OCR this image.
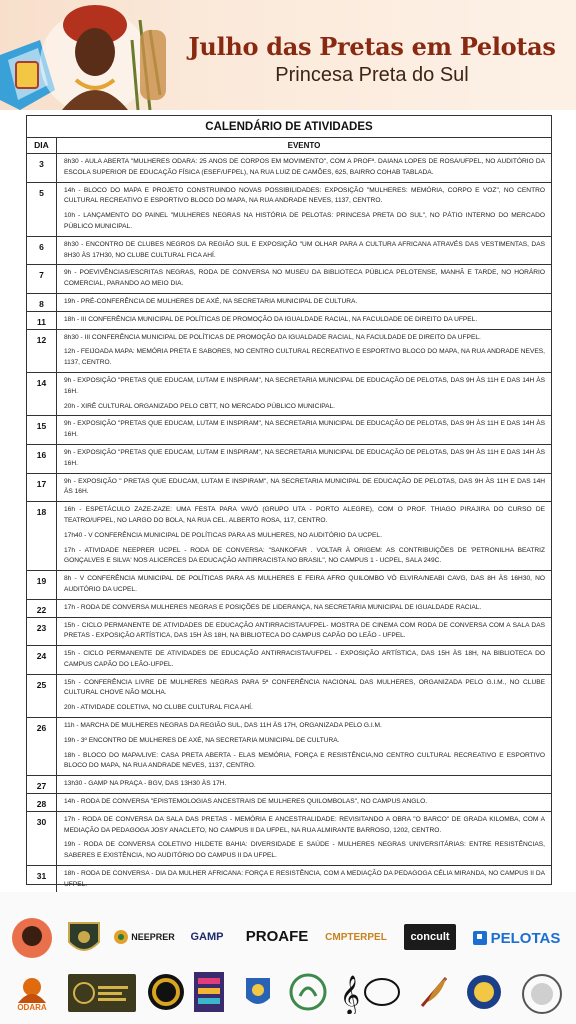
Julho das Pretas em Pelotas
Princesa Preta do Sul
CALENDÁRIO DE ATIVIDADES
DIA	EVENTO
3	8h30 - AULA ABERTA "MULHERES ODARA: 25 ANOS DE CORPOS EM MOVIMENTO", COM A PROFª. DAIANA LOPES DE ROSA/UFPEL, NO AUDITÓRIO DA ESCOLA SUPERIOR DE EDUCAÇÃO FÍSICA (ESEF/UFPEL), NA RUA LUIZ DE CAMÕES, 625, BAIRRO COHAB TABLADA.
5	14h - BLOCO DO MAPA E PROJETO CONSTRUINDO NOVAS POSSIBILIDADES: EXPOSIÇÃO "MULHERES: MEMÓRIA, CORPO E VOZ", NO CENTRO CULTURAL RECREATIVO E ESPORTIVO BLOCO DO MAPA, NA RUA ANDRADE NEVES, 1137, CENTRO.
10h - LANÇAMENTO DO PAINEL "MULHERES NEGRAS NA HISTÓRIA DE PELOTAS: PRINCESA PRETA DO SUL", NO PÁTIO INTERNO DO MERCADO PÚBLICO MUNICIPAL.
6	8h30 - ENCONTRO DE CLUBES NEGROS DA REGIÃO SUL E EXPOSIÇÃO "UM OLHAR PARA A CULTURA AFRICANA ATRAVÉS DAS VESTIMENTAS, DAS 8H30 ÀS 17H30, NO CLUBE CULTURAL FICA AHÍ.
7	9h - POEVIVÊNCIAS/ESCRITAS NEGRAS, RODA DE CONVERSA NO MUSEU DA BIBLIOTECA PÚBLICA PELOTENSE, MANHÃ E TARDE, NO HORÁRIO COMERCIAL, PARANDO AO MEIO DIA.
8	19h - PRÉ-CONFERÊNCIA DE MULHERES DE AXÉ, NA SECRETARIA MUNICIPAL DE CULTURA.
11	18h - III CONFERÊNCIA MUNICIPAL DE POLÍTICAS DE PROMOÇÃO DA IGUALDADE RACIAL, NA FACULDADE DE DIREITO DA UFPEL.
12	8h30 - III CONFERÊNCIA MUNICIPAL DE POLÍTICAS DE PROMOÇÃO DA IGUALDADE RACIAL, NA FACULDADE DE DIREITO DA UFPEL.
12h - FEIJOADA MAPA: MEMÓRIA PRETA E SABORES, NO CENTRO CULTURAL RECREATIVO E ESPORTIVO BLOCO DO MAPA, NA RUA ANDRADE NEVES, 1137, CENTRO.
14	9h - EXPOSIÇÃO "PRETAS QUE EDUCAM, LUTAM E INSPIRAM", NA SECRETARIA MUNICIPAL DE EDUCAÇÃO DE PELOTAS, DAS 9H ÀS 11H E DAS 14H ÀS 16H.
20h - XIRÊ CULTURAL ORGANIZADO PELO CBTT, NO MERCADO PÚBLICO MUNICIPAL.
15	9h - EXPOSIÇÃO "PRETAS QUE EDUCAM, LUTAM E INSPIRAM", NA SECRETARIA MUNICIPAL DE EDUCAÇÃO DE PELOTAS, DAS 9H ÀS 11H E DAS 14H ÀS 16H.
16	9h - EXPOSIÇÃO "PRETAS QUE EDUCAM, LUTAM E INSPIRAM", NA SECRETARIA MUNICIPAL DE EDUCAÇÃO DE PELOTAS, DAS 9H ÀS 11H E DAS 14H ÀS 16H.
17	9h - EXPOSIÇÃO " PRETAS QUE EDUCAM, LUTAM E INSPIRAM", NA SECRETARIA MUNICIPAL DE EDUCAÇÃO DE PELOTAS, DAS 9H ÀS 11H E DAS 14H ÀS 16H.
18	16h - ESPETÁCULO ZAZE-ZAZE: UMA FESTA PARA VAVÓ (GRUPO UTA - PORTO ALEGRE), COM O PROF. THIAGO PIRAJIRA DO CURSO DE TEATRO/UFPEL, NO LARGO DO BOLA, NA RUA CEL. ALBERTO ROSA, 117, CENTRO.
17h40 - V CONFERÊNCIA MUNICIPAL DE POLÍTICAS PARA AS MULHERES, NO AUDITÓRIO DA UCPEL.
17h - ATIVIDADE NEEPRER UCPEL - RODA DE CONVERSA: "SANKOFAR . VOLTAR À ORIGEM: AS CONTRIBUIÇÕES DE 'PETRONILHA BEATRIZ GONÇALVES E SILVA' NOS ALICERCES DA EDUCAÇÃO ANTIRRACISTA NO BRASIL", NO CAMPUS 1 - UCPEL, SALA 249C.
19	8h - V CONFERÊNCIA MUNICIPAL DE POLÍTICAS PARA AS MULHERES E FEIRA AFRO QUILOMBO VÓ ELVIRA/NEABI CAVG, DAS 8H ÀS 16H30, NO AUDITÓRIO DA UCPEL.
22	17h - RODA DE CONVERSA MULHERES NEGRAS E POSIÇÕES DE LIDERANÇA, NA SECRETARIA MUNICIPAL DE IGUALDADE RACIAL.
23	15h - CICLO PERMANENTE DE ATIVIDADES DE EDUCAÇÃO ANTIRRACISTA/UFPEL- MOSTRA DE CINEMA COM RODA DE CONVERSA COM A SALA DAS PRETAS - EXPOSIÇÃO ARTÍSTICA, DAS 15H ÀS 18H, NA BIBLIOTECA DO CAMPUS CAPÃO DO LEÃO - UFPEL.
24	15h - CICLO PERMANENTE DE ATIVIDADES DE EDUCAÇÃO ANTIRRACISTA/UFPEL - EXPOSIÇÃO ARTÍSTICA, DAS 15H ÀS 18H, NA BIBLIOTECA DO CAMPUS CAPÃO DO LEÃO-UFPEL.
25	15h - CONFERÊNCIA LIVRE DE MULHERES NEGRAS PARA 5ª CONFERÊNCIA NACIONAL DAS MULHERES, ORGANIZADA PELO G.I.M., NO CLUBE CULTURAL CHOVE NÃO MOLHA.
20h - ATIVIDADE COLETIVA, NO CLUBE CULTURAL FICA AHÍ.
26	11h - MARCHA DE MULHERES NEGRAS DA REGIÃO SUL, DAS 11H ÀS 17H, ORGANIZADA PELO G.I.M.
19h - 3º ENCONTRO DE MULHERES DE AXÉ, NA SECRETARIA MUNICIPAL DE CULTURA.
18h - BLOCO DO MAPA/LIVE: CASA PRETA ABERTA - ELAS MEMÓRIA, FORÇA E RESISTÊNCIA,NO CENTRO CULTURAL RECREATIVO E ESPORTIVO BLOCO DO MAPA, NA RUA ANDRADE NEVES, 1137, CENTRO.
27	13h30 - GAMP NA PRAÇA - BGV, DAS 13H30 ÀS 17H.
28	14h - RODA DE CONVERSA "EPISTEMOLOGIAS ANCESTRAIS DE MULHERES QUILOMBOLAS", NO CAMPUS ANGLO.
30	17h - RODA DE CONVERSA DA SALA DAS PRETAS - MEMÓRIA E ANCESTRALIDADE: REVISITANDO A OBRA "O BARCO" DE GRADA KILOMBA, COM A MEDIAÇÃO DA PEDAGOGA JOSY ANACLETO, NO CAMPUS II DA UFPEL, NA RUA ALMIRANTE BARROSO, 1202, CENTRO.
19h - RODA DE CONVERSA COLETIVO HILDETE BAHIA: DIVERSIDADE E SAÚDE - MULHERES NEGRAS UNIVERSITÁRIAS: ENTRE RESISTÊNCIAS, SABERES E EXISTÊNCIA, NO AUDITÓRIO DO CAMPUS II DA UFPEL.
31	18h - RODA DE CONVERSA - DIA DA MULHER AFRICANA: FORÇA E RESISTÊNCIA, COM A MEDIAÇÃO DA PEDAGOGA CÉLIA MIRANDA, NO CAMPUS II DA UFPEL.
NEEPRER GAMP PROAFE CMPTERPEL concult	PELOTAS
ODARA	𝄞
